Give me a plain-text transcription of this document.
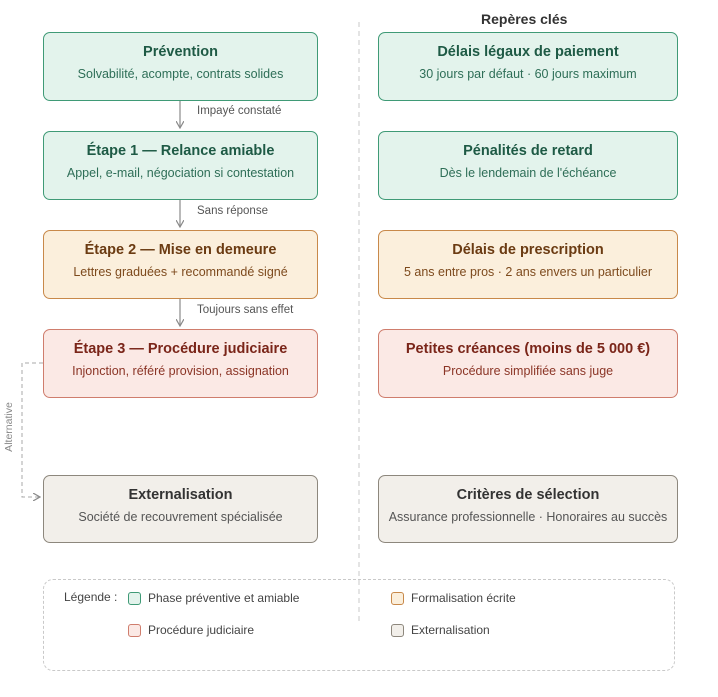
Repères clés
Prévention
Solvabilité, acompte, contrats solides
Impayé constaté
Étape 1 — Relance amiable
Appel, e-mail, négociation si contestation
Sans réponse
Étape 2 — Mise en demeure
Lettres graduées + recommandé signé
Toujours sans effet
Étape 3 — Procédure judiciaire
Injonction, référé provision, assignation
Alternative
Externalisation
Société de recouvrement spécialisée
Délais légaux de paiement
30 jours par défaut · 60 jours maximum
Pénalités de retard
Dès le lendemain de l'échéance
Délais de prescription
5 ans entre pros · 2 ans envers un particulier
Petites créances (moins de 5 000 €)
Procédure simplifiée sans juge
Critères de sélection
Assurance professionnelle · Honoraires au succès
Légende :	Phase préventive et amiable	Formalisation écrite
Procédure judiciaire	Externalisation
